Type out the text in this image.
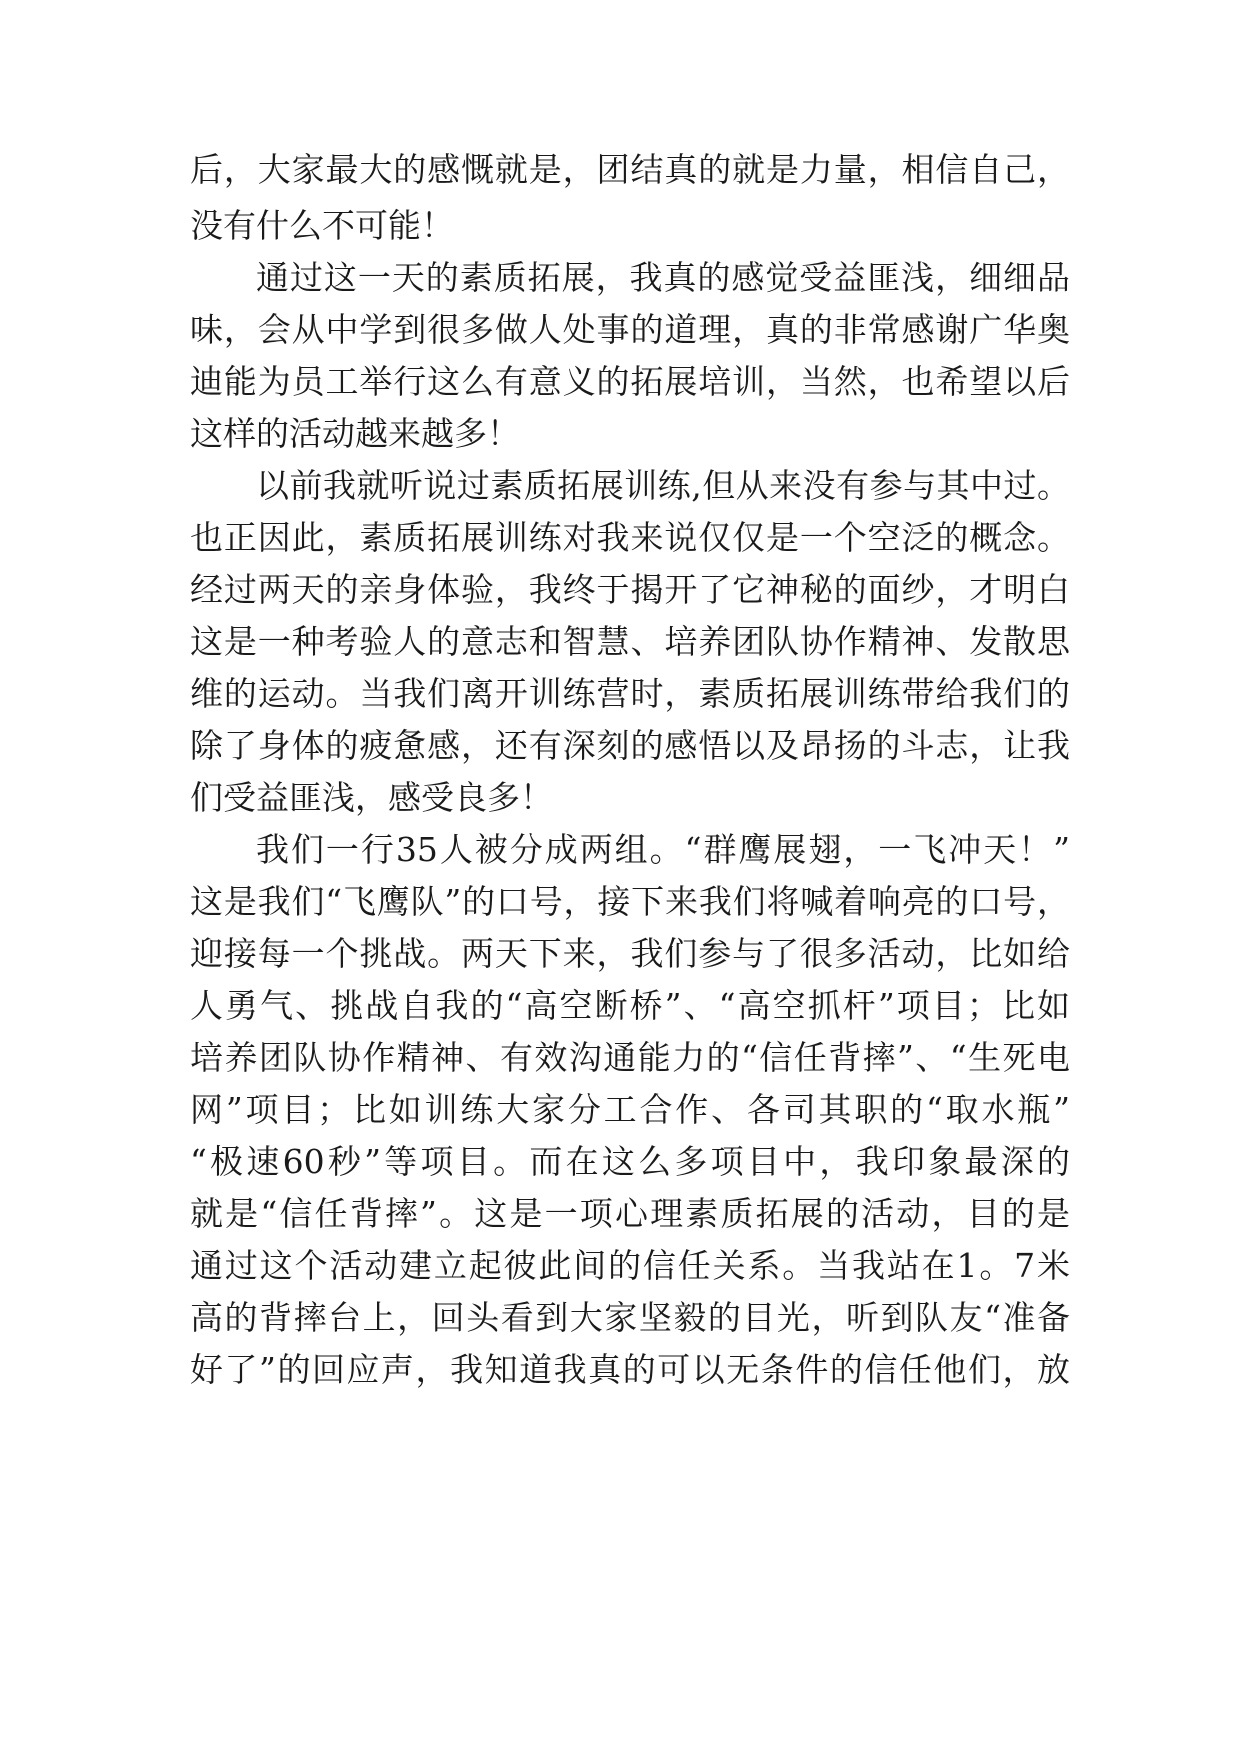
后，大家最大的感慨就是，团结真的就是力量，相信自己，
没有什么不可能！
通过这一天的素质拓展，我真的感觉受益匪浅，细细品
味，会从中学到很多做人处事的道理，真的非常感谢广华奥
迪能为员工举行这么有意义的拓展培训，当然，也希望以后
这样的活动越来越多！
以前我就听说过素质拓展训练,但从来没有参与其中过。
也正因此，素质拓展训练对我来说仅仅是一个空泛的概念。
经过两天的亲身体验，我终于揭开了它神秘的面纱，才明白
这是一种考验人的意志和智慧、培养团队协作精神、发散思
维的运动。当我们离开训练营时，素质拓展训练带给我们的
除了身体的疲惫感，还有深刻的感悟以及昂扬的斗志，让我
们受益匪浅，感受良多！
我们一行35人被分成两组。“群鹰展翅，一飞冲天！”
这是我们“飞鹰队”的口号，接下来我们将喊着响亮的口号，
迎接每一个挑战。两天下来，我们参与了很多活动，比如给
人勇气、挑战自我的“高空断桥”、“高空抓杆”项目；比如
培养团队协作精神、有效沟通能力的“信任背摔”、“生死电
网”项目；比如训练大家分工合作、各司其职的“取水瓶”
“极速60秒”等项目。而在这么多项目中，我印象最深的
就是“信任背摔”。这是一项心理素质拓展的活动，目的是
通过这个活动建立起彼此间的信任关系。当我站在1。7米
高的背摔台上，回头看到大家坚毅的目光，听到队友“准备
好了”的回应声，我知道我真的可以无条件的信任他们，放
